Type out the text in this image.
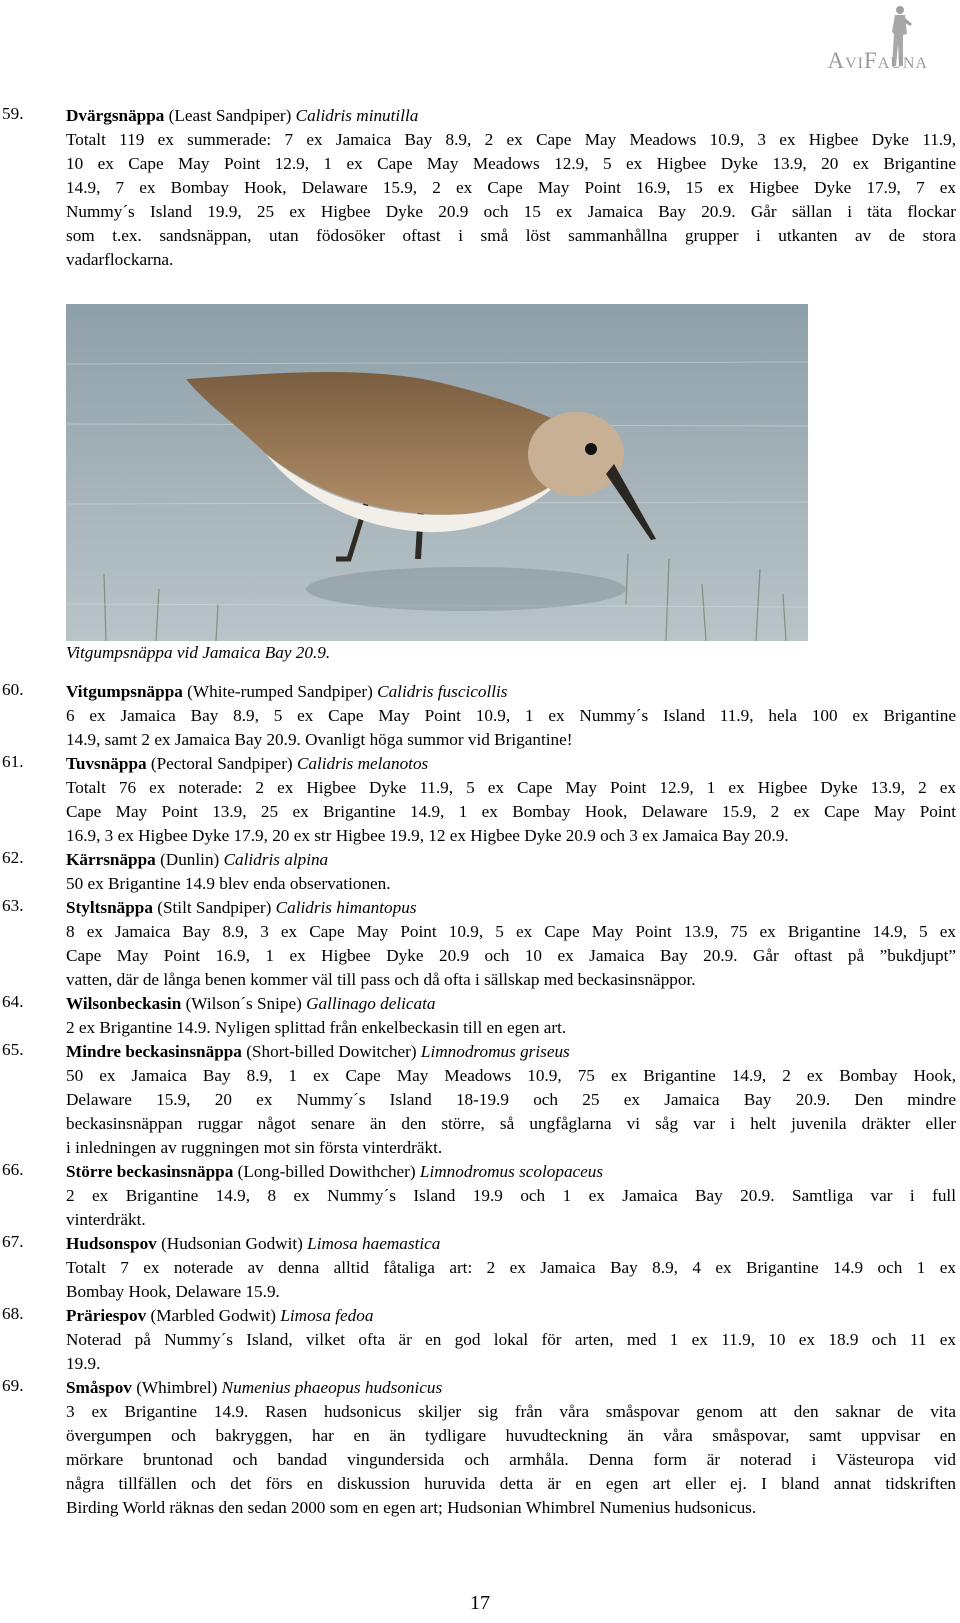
AviFauna
59. Dvärgsnäppa (Least Sandpiper) Calidris minutilla
Totalt 119 ex summerade: 7 ex Jamaica Bay 8.9, 2 ex Cape May Meadows 10.9, 3 ex Higbee Dyke 11.9,
10 ex Cape May Point 12.9, 1 ex Cape May Meadows 12.9, 5 ex Higbee Dyke 13.9, 20 ex Brigantine
14.9, 7 ex Bombay Hook, Delaware 15.9, 2 ex Cape May Point 16.9, 15 ex Higbee Dyke 17.9, 7 ex
Nummy´s Island 19.9, 25 ex Higbee Dyke 20.9 och 15 ex Jamaica Bay 20.9. Går sällan i täta flockar
som t.ex. sandsnäppan, utan födosöker oftast i små löst sammanhållna grupper i utkanten av de stora
vadarflockarna.
Vitgumpsnäppa vid Jamaica Bay 20.9.
60. Vitgumpsnäppa (White-rumped Sandpiper) Calidris fuscicollis
6 ex Jamaica Bay 8.9, 5 ex Cape May Point 10.9, 1 ex Nummy´s Island 11.9, hela 100 ex Brigantine
14.9, samt 2 ex Jamaica Bay 20.9. Ovanligt höga summor vid Brigantine!
61. Tuvsnäppa (Pectoral Sandpiper) Calidris melanotos
Totalt 76 ex noterade: 2 ex Higbee Dyke 11.9, 5 ex Cape May Point 12.9, 1 ex Higbee Dyke 13.9, 2 ex
Cape May Point 13.9, 25 ex Brigantine 14.9, 1 ex Bombay Hook, Delaware 15.9, 2 ex Cape May Point
16.9, 3 ex Higbee Dyke 17.9, 20 ex str Higbee 19.9, 12 ex Higbee Dyke 20.9 och 3 ex Jamaica Bay 20.9.
62. Kärrsnäppa (Dunlin) Calidris alpina
50 ex Brigantine 14.9 blev enda observationen.
63. Styltsnäppa (Stilt Sandpiper) Calidris himantopus
8 ex Jamaica Bay 8.9, 3 ex Cape May Point 10.9, 5 ex Cape May Point 13.9, 75 ex Brigantine 14.9, 5 ex
Cape May Point 16.9, 1 ex Higbee Dyke 20.9 och 10 ex Jamaica Bay 20.9. Går oftast på ”bukdjupt”
vatten, där de långa benen kommer väl till pass och då ofta i sällskap med beckasinsnäppor.
64. Wilsonbeckasin (Wilson´s Snipe) Gallinago delicata
2 ex Brigantine 14.9. Nyligen splittad från enkelbeckasin till en egen art.
65. Mindre beckasinsnäppa (Short-billed Dowitcher) Limnodromus griseus
50 ex Jamaica Bay 8.9, 1 ex Cape May Meadows 10.9, 75 ex Brigantine 14.9, 2 ex Bombay Hook,
Delaware 15.9, 20 ex Nummy´s Island 18-19.9 och 25 ex Jamaica Bay 20.9. Den mindre
beckasinsnäppan ruggar något senare än den större, så ungfåglarna vi såg var i helt juvenila dräkter eller
i inledningen av ruggningen mot sin första vinterdräkt.
66. Större beckasinsnäppa (Long-billed Dowithcher) Limnodromus scolopaceus
2 ex Brigantine 14.9, 8 ex Nummy´s Island 19.9 och 1 ex Jamaica Bay 20.9. Samtliga var i full
vinterdräkt.
67. Hudsonspov (Hudsonian Godwit) Limosa haemastica
Totalt 7 ex noterade av denna alltid fåtaliga art: 2 ex Jamaica Bay 8.9, 4 ex Brigantine 14.9 och 1 ex
Bombay Hook, Delaware 15.9.
68. Präriespov (Marbled Godwit) Limosa fedoa
Noterad på Nummy´s Island, vilket ofta är en god lokal för arten, med 1 ex 11.9, 10 ex 18.9 och 11 ex
19.9.
69. Småspov (Whimbrel) Numenius phaeopus hudsonicus
3 ex Brigantine 14.9. Rasen hudsonicus skiljer sig från våra småspovar genom att den saknar de vita
övergumpen och bakryggen, har en än tydligare huvudteckning än våra småspovar, samt uppvisar en
mörkare bruntonad och bandad vingundersida och armhåla. Denna form är noterad i Västeuropa vid
några tillfällen och det förs en diskussion huruvida detta är en egen art eller ej. I bland annat tidskriften
Birding World räknas den sedan 2000 som en egen art; Hudsonian Whimbrel Numenius hudsonicus.
17
